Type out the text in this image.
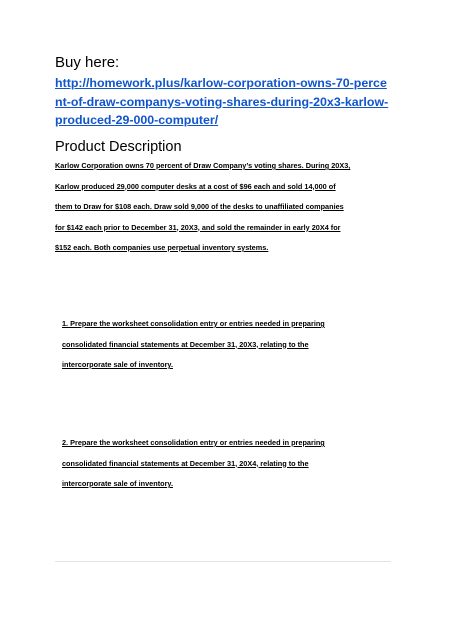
Buy here:

http://homework.plus/karlow-corporation-owns-70-perce
nt-of-draw-companys-voting-shares-during-20x3-karlow-
produced-29-000-computer/
Product Description
Karlow Corporation owns 70 percent of Draw Company’s voting shares. During 20X3,
Karlow produced 29,000 computer desks at a cost of $96 each and sold 14,000 of
them to Draw for $108 each. Draw sold 9,000 of the desks to unaffiliated companies
for $142 each prior to December 31, 20X3, and sold the remainder in early 20X4 for
$152 each. Both companies use perpetual inventory systems.
1. Prepare the worksheet consolidation entry or entries needed in preparing
consolidated financial statements at December 31, 20X3, relating to the
intercorporate sale of inventory.
2. Prepare the worksheet consolidation entry or entries needed in preparing
consolidated financial statements at December 31, 20X4, relating to the
intercorporate sale of inventory.
